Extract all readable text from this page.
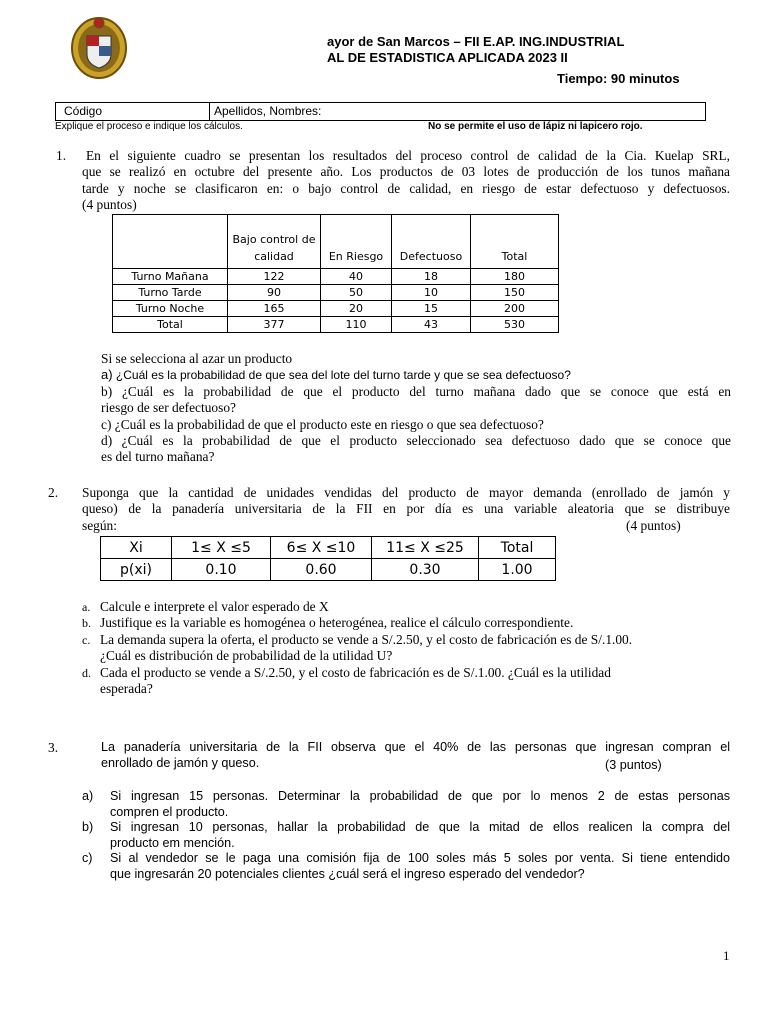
ayor de San Marcos – FII E.AP. ING.INDUSTRIAL
AL DE ESTADISTICA APLICADA 2023 II
Tiempo: 90 minutos
Código	Apellidos, Nombres:
Explique el proceso e indique los cálculos.	No se permite el uso de lápiz ni lapicero rojo.
1. En el siguiente cuadro se presentan los resultados del proceso control de calidad de la Cia. Kuelap SRL,
que se realizó en octubre del presente año. Los productos de 03 lotes de producción de los tunos mañana
tarde y noche se clasificaron en: o bajo control de calidad, en riesgo de estar defectuoso y defectuosos.
(4 puntos)
	Bajo control de calidad	En Riesgo	Defectuoso	Total
Turno Mañana	122	40	18	180
Turno Tarde	90	50	10	150
Turno Noche	165	20	15	200
Total	377	110	43	530
Si se selecciona al azar un producto
a) ¿Cuál es la probabilidad de que sea del lote del turno tarde y que se sea defectuoso?
b) ¿Cuál es la probabilidad de que el producto del turno mañana dado que se conoce que está en
riesgo de ser defectuoso?
c) ¿Cuál es la probabilidad de que el producto este en riesgo o que sea defectuoso?
d) ¿Cuál es la probabilidad de que el producto seleccionado sea defectuoso dado que se conoce que
es del turno mañana?
2. Suponga que la cantidad de unidades vendidas del producto de mayor demanda (enrollado de jamón y
queso) de la panadería universitaria de la FII en por día es una variable aleatoria que se distribuye
según:	(4 puntos)
Xi	1≤ X ≤5	6≤ X ≤10	11≤ X ≤25	Total
p(xi)	0.10	0.60	0.30	1.00
a. Calcule e interprete el valor esperado de X
b. Justifique es la variable es homogénea o heterogénea, realice el cálculo correspondiente.
c. La demanda supera la oferta, el producto se vende a S/.2.50, y el costo de fabricación es de S/.1.00.
¿Cuál es distribución de probabilidad de la utilidad U?
d. Cada el producto se vende a S/.2.50, y el costo de fabricación es de S/.1.00. ¿Cuál es la utilidad
esperada?
3.	La panadería universitaria de la FII observa que el 40% de las personas que ingresan compran el
enrollado de jamón y queso.	(3 puntos)
a)	Si ingresan 15 personas. Determinar la probabilidad de que por lo menos 2 de estas personas
compren el producto.
b)	Si ingresan 10 personas, hallar la probabilidad de que la mitad de ellos realicen la compra del
producto em mención.
c)	Si al vendedor se le paga una comisión fija de 100 soles más 5 soles por venta. Si tiene entendido
que ingresarán 20 potenciales clientes ¿cuál será el ingreso esperado del vendedor?
1
